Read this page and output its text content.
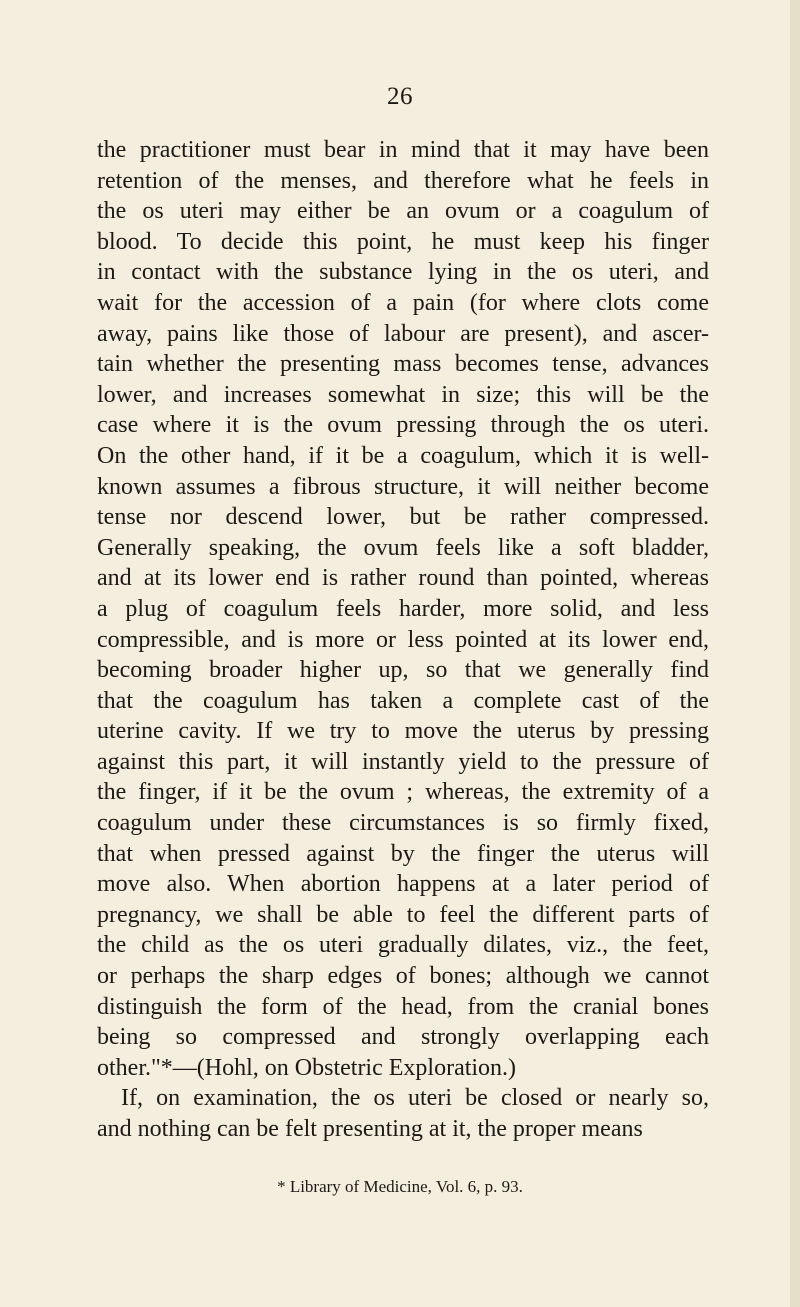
26
the practitioner must bear in mind that it may have been
retention of the menses, and therefore what he feels in
the os uteri may either be an ovum or a coagulum of
blood. To decide this point, he must keep his finger
in contact with the substance lying in the os uteri, and
wait for the accession of a pain (for where clots come
away, pains like those of labour are present), and ascer-
tain whether the presenting mass becomes tense, advances
lower, and increases somewhat in size; this will be the
case where it is the ovum pressing through the os uteri.
On the other hand, if it be a coagulum, which it is well-
known assumes a fibrous structure, it will neither become
tense nor descend lower, but be rather compressed.
Generally speaking, the ovum feels like a soft bladder,
and at its lower end is rather round than pointed, whereas
a plug of coagulum feels harder, more solid, and less
compressible, and is more or less pointed at its lower end,
becoming broader higher up, so that we generally find
that the coagulum has taken a complete cast of the
uterine cavity. If we try to move the uterus by pressing
against this part, it will instantly yield to the pressure of
the finger, if it be the ovum ; whereas, the extremity of a
coagulum under these circumstances is so firmly fixed,
that when pressed against by the finger the uterus will
move also. When abortion happens at a later period of
pregnancy, we shall be able to feel the different parts of
the child as the os uteri gradually dilates, viz., the feet,
or perhaps the sharp edges of bones; although we cannot
distinguish the form of the head, from the cranial bones
being so compressed and strongly overlapping each
other."*—(Hohl, on Obstetric Exploration.)
If, on examination, the os uteri be closed or nearly so,
and nothing can be felt presenting at it, the proper means
* Library of Medicine, Vol. 6, p. 93.
